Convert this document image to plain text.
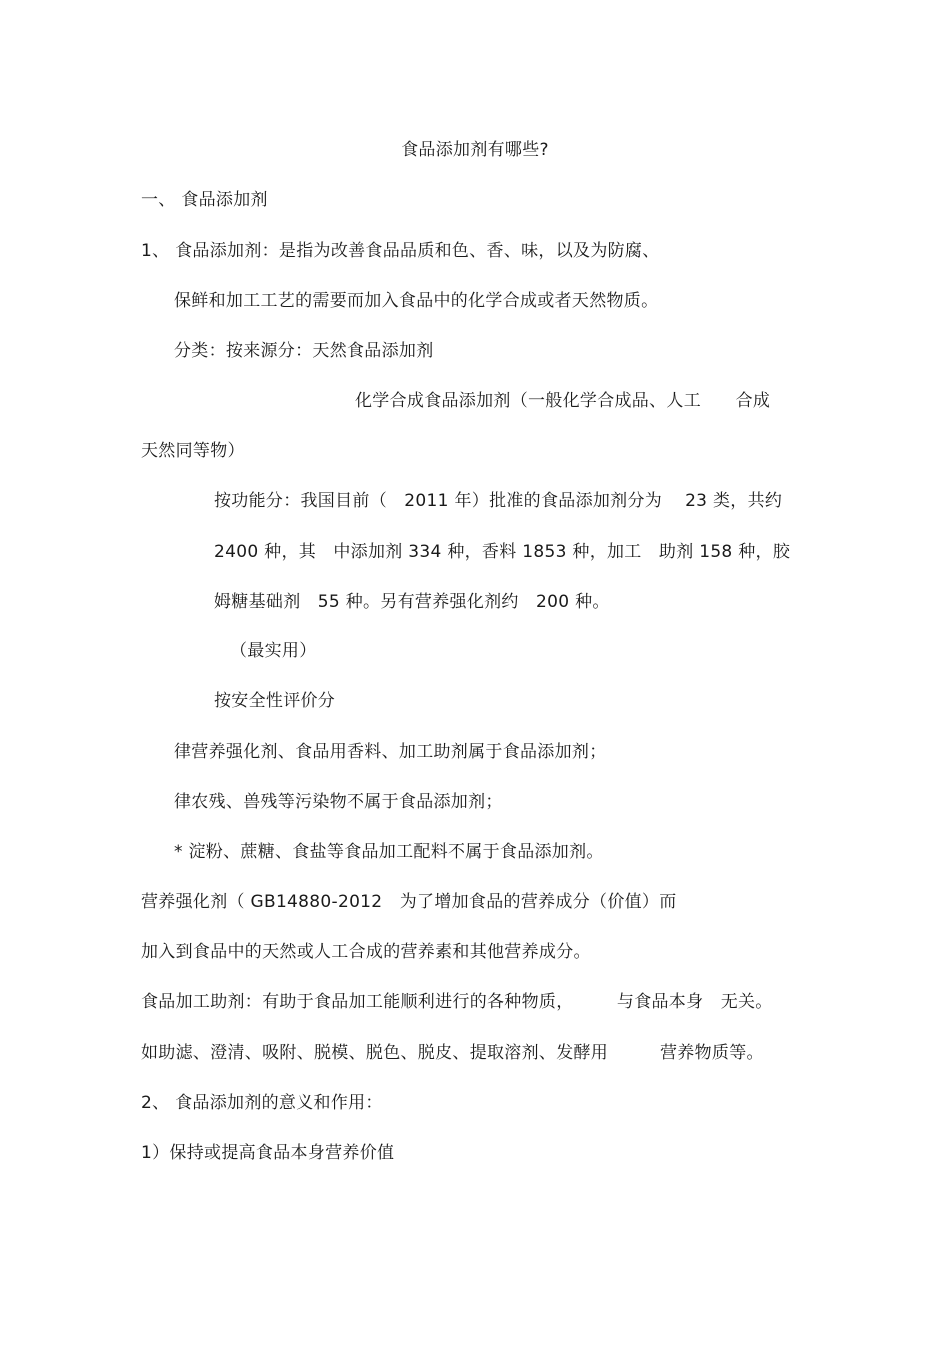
食品添加剂有哪些?
一、 食品添加剂
1、 食品添加剂：是指为改善食品品质和色、香、味，以及为防腐、
保鲜和加工工艺的需要而加入食品中的化学合成或者天然物质。
分类：按来源分：天然食品添加剂
化学合成食品添加剂（一般化学合成品、人工　　合成
天然同等物）
按功能分：我国目前（　2011 年）批准的食品添加剂分为　 23 类，共约
2400 种，其　中添加剂 334 种，香料 1853 种，加工　助剂 158 种，胶
姆糖基础剂　55 种。另有营养强化剂约　200 种。
（最实用）
按安全性评价分
律营养强化剂、食品用香料、加工助剂属于食品添加剂；
律农残、兽残等污染物不属于食品添加剂；
* 淀粉、蔗糖、食盐等食品加工配料不属于食品添加剂。
营养强化剂（ GB14880-2012　为了增加食品的营养成分（价值）而
加入到食品中的天然或人工合成的营养素和其他营养成分。
食品加工助剂：有助于食品加工能顺利进行的各种物质，　　　与食品本身　无关。
如助滤、澄清、吸附、脱模、脱色、脱皮、提取溶剂、发酵用　　　营养物质等。
2、 食品添加剂的意义和作用：
1）保持或提高食品本身营养价值
